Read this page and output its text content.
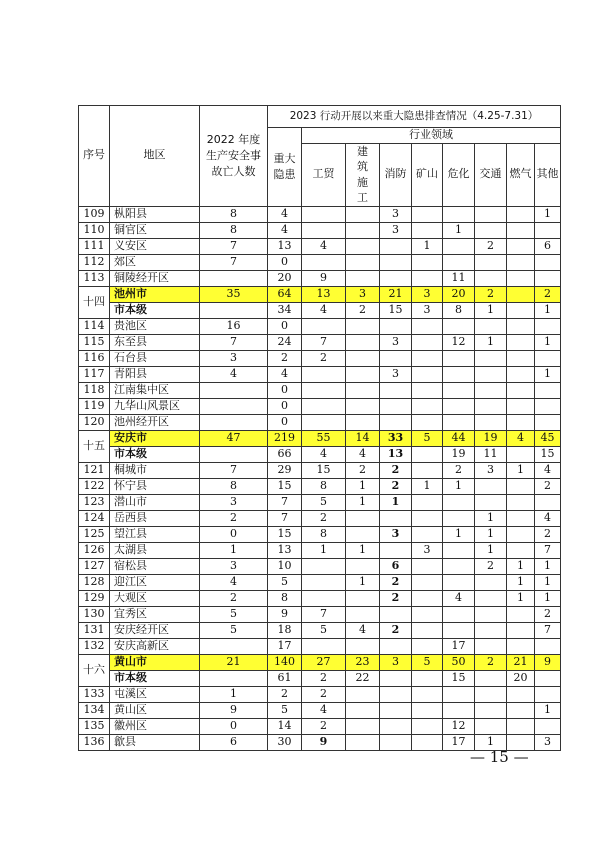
序号	地区	2022 年度生产安全事故亡人数	2023 行动开展以来重大隐患排查情况（4.25-7.31）								
			重大隐患	行业领域							
				工贸	建筑施工	消防	矿山	危化	交通	燃气	其他
109	枞阳县	8	4			3					1
110	铜官区	8	4			3		1			
111	义安区	7	13	4			1		2		6
112	郊区	7	0								
113	铜陵经开区		20	9				11			
十四	池州市	35	64	13	3	21	3	20	2		2
	市本级		34	4	2	15	3	8	1		1
114	贵池区	16	0								
115	东至县	7	24	7		3		12	1		1
116	石台县	3	2	2							
117	青阳县	4	4			3					1
118	江南集中区		0								
119	九华山风景区		0								
120	池州经开区		0								
十五	安庆市	47	219	55	14	33	5	44	19	4	45
	市本级		66	4	4	13		19	11		15
121	桐城市	7	29	15	2	2		2	3	1	4
122	怀宁县	8	15	8	1	2	1	1			2
123	潜山市	3	7	5	1	1					
124	岳西县	2	7	2					1		4
125	望江县	0	15	8		3		1	1		2
126	太湖县	1	13	1	1		3		1		7
127	宿松县	3	10			6			2	1	1
128	迎江区	4	5		1	2				1	1
129	大观区	2	8			2		4		1	1
130	宜秀区	5	9	7							2
131	安庆经开区	5	18	5	4	2					7
132	安庆高新区		17					17			
十六	黄山市	21	140	27	23	3	5	50	2	21	9
	市本级		61	2	22			15		20	
133	屯溪区	1	2	2							
134	黄山区	9	5	4							1
135	徽州区	0	14	2				12			
136	歙县	6	30	9				17	1		3
— 15 —
